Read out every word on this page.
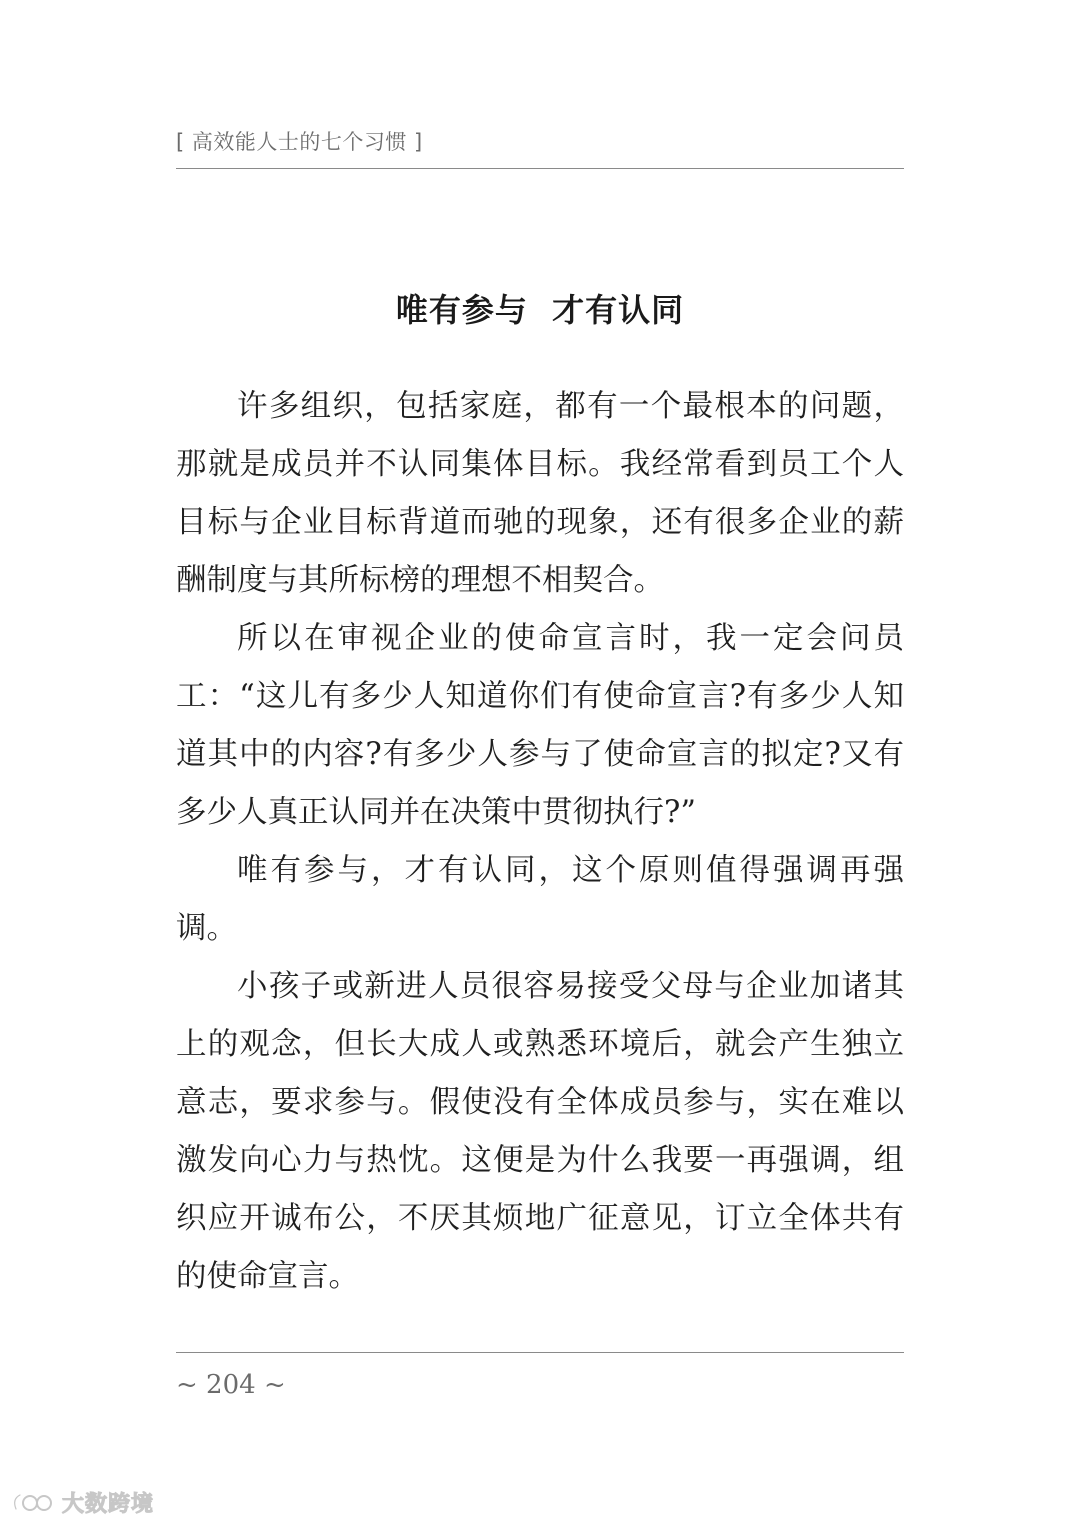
[ 高效能人士的七个习惯 ]
唯有参与  才有认同

许多组织，包括家庭，都有一个最根本的问题，那就是成员并不认同集体目标。我经常看到员工个人目标与企业目标背道而驰的现象，还有很多企业的薪酬制度与其所标榜的理想不相契合。

所以在审视企业的使命宣言时，我一定会问员工：“这儿有多少人知道你们有使命宣言?有多少人知道其中的内容?有多少人参与了使命宣言的拟定?又有多少人真正认同并在决策中贯彻执行?”

唯有参与，才有认同，这个原则值得强调再强调。

小孩子或新进人员很容易接受父母与企业加诸其上的观念，但长大成人或熟悉环境后，就会产生独立意志，要求参与。假使没有全体成员参与，实在难以激发向心力与热忱。这便是为什么我要一再强调，组织应开诚布公，不厌其烦地广征意见，订立全体共有的使命宣言。

~ 204 ~
大数跨境
